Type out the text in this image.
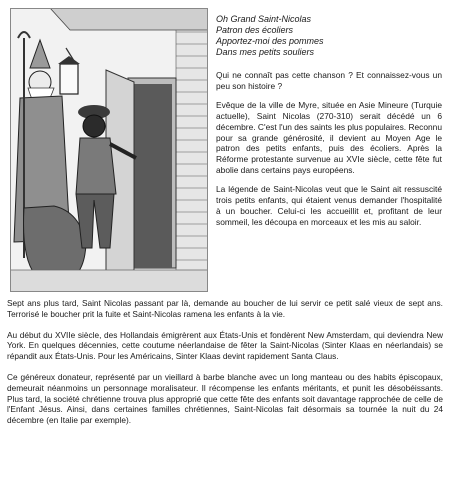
Oh Grand Saint-Nicolas
Patron des écoliers
Apportez-moi des pommes
Dans mes petits souliers

Qui ne connaît pas cette chanson ? Et connaissez-vous un peu son histoire ?

Evêque de la ville de Myre, située en Asie Mineure (Turquie actuelle), Saint Nicolas (270-310) serait décédé un 6 décembre. C'est l'un des saints les plus populaires. Reconnu pour sa grande générosité, il devient au Moyen Age le patron des petits enfants, puis des écoliers. Après la Réforme protestante survenue au XVIe siècle, cette fête fut abolie dans certains pays européens.

La légende de Saint-Nicolas veut que le Saint ait ressuscité trois petits enfants, qui étaient venus demander l'hospitalité à un boucher. Celui-ci les accueillit et, profitant de leur sommeil, les découpa en morceaux et les mis au saloir.

Sept ans plus tard, Saint Nicolas passant par là, demande au boucher de lui servir ce petit salé vieux de sept ans. Terrorisé le boucher prit la fuite et Saint-Nicolas ramena les enfants à la vie.

Au début du XVIIe siècle, des Hollandais émigrèrent aux États-Unis et fondèrent New Amsterdam, qui deviendra New York. En quelques décennies, cette coutume néerlandaise de fêter la Saint-Nicolas (Sinter Klaas en néerlandais) se répandit aux États-Unis. Pour les Américains, Sinter Klaas devint rapidement Santa Claus.

Ce généreux donateur, représenté par un vieillard à barbe blanche avec un long manteau ou des habits épiscopaux, demeurait néanmoins un personnage moralisateur. Il récompense les enfants méritants, et punit les désobéissants. Plus tard, la société chrétienne trouva plus approprié que cette fête des enfants soit davantage rapprochée de celle de l'Enfant Jésus. Ainsi, dans certaines familles chrétiennes, Saint-Nicolas fait désormais sa tournée la nuit du 24 décembre (en Italie par exemple).
